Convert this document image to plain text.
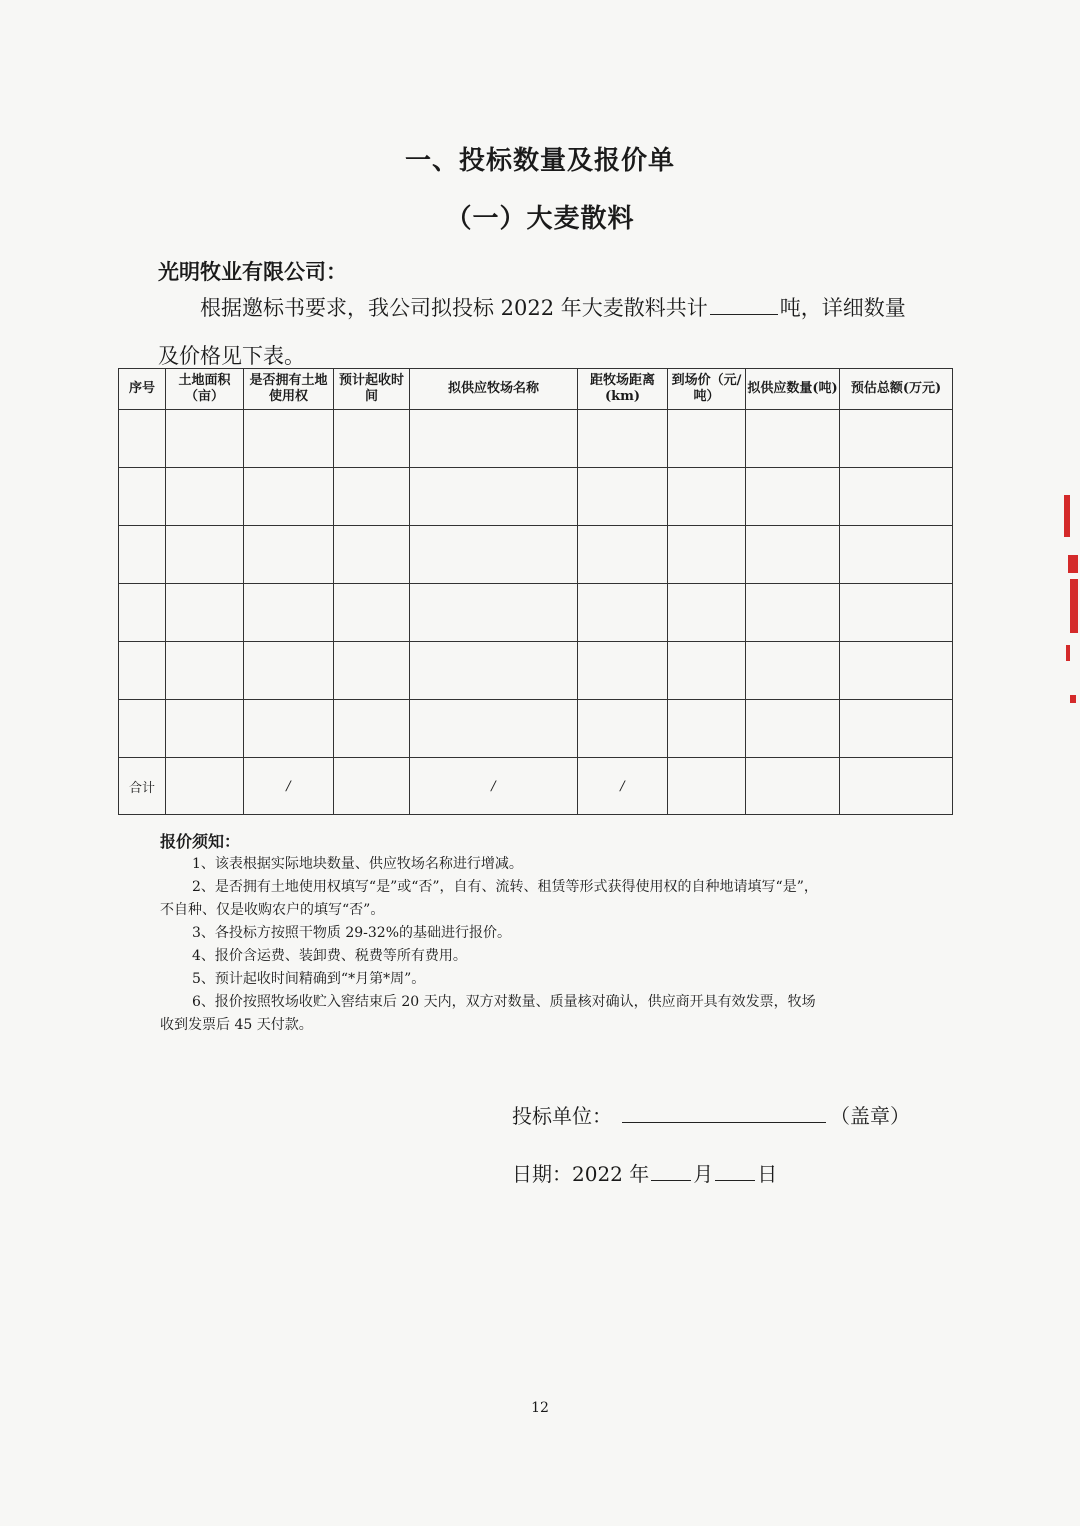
一、投标数量及报价单
（一）大麦散料
光明牧业有限公司：
根据邀标书要求，我公司拟投标 2022 年大麦散料共计	吨，详细数量
及价格见下表。
序号	土地面积（亩）	是否拥有土地使用权	预计起收时间	拟供应牧场名称	距牧场距离(km)	到场价（元/吨）	拟供应数量(吨)	预估总额(万元)

合计		/		/	/			
报价须知：
1、该表根据实际地块数量、供应牧场名称进行增减。
2、是否拥有土地使用权填写“是”或“否”，自有、流转、租赁等形式获得使用权的自种地请填写“是”，
不自种、仅是收购农户的填写“否”。
3、各投标方按照干物质 29-32%的基础进行报价。
4、报价含运费、装卸费、税费等所有费用。
5、预计起收时间精确到“*月第*周”。
6、报价按照牧场收贮入窖结束后 20 天内，双方对数量、质量核对确认，供应商开具有效发票，牧场
收到发票后 45 天付款。
投标单位：	（盖章）
日期：2022 年 月 日
12
